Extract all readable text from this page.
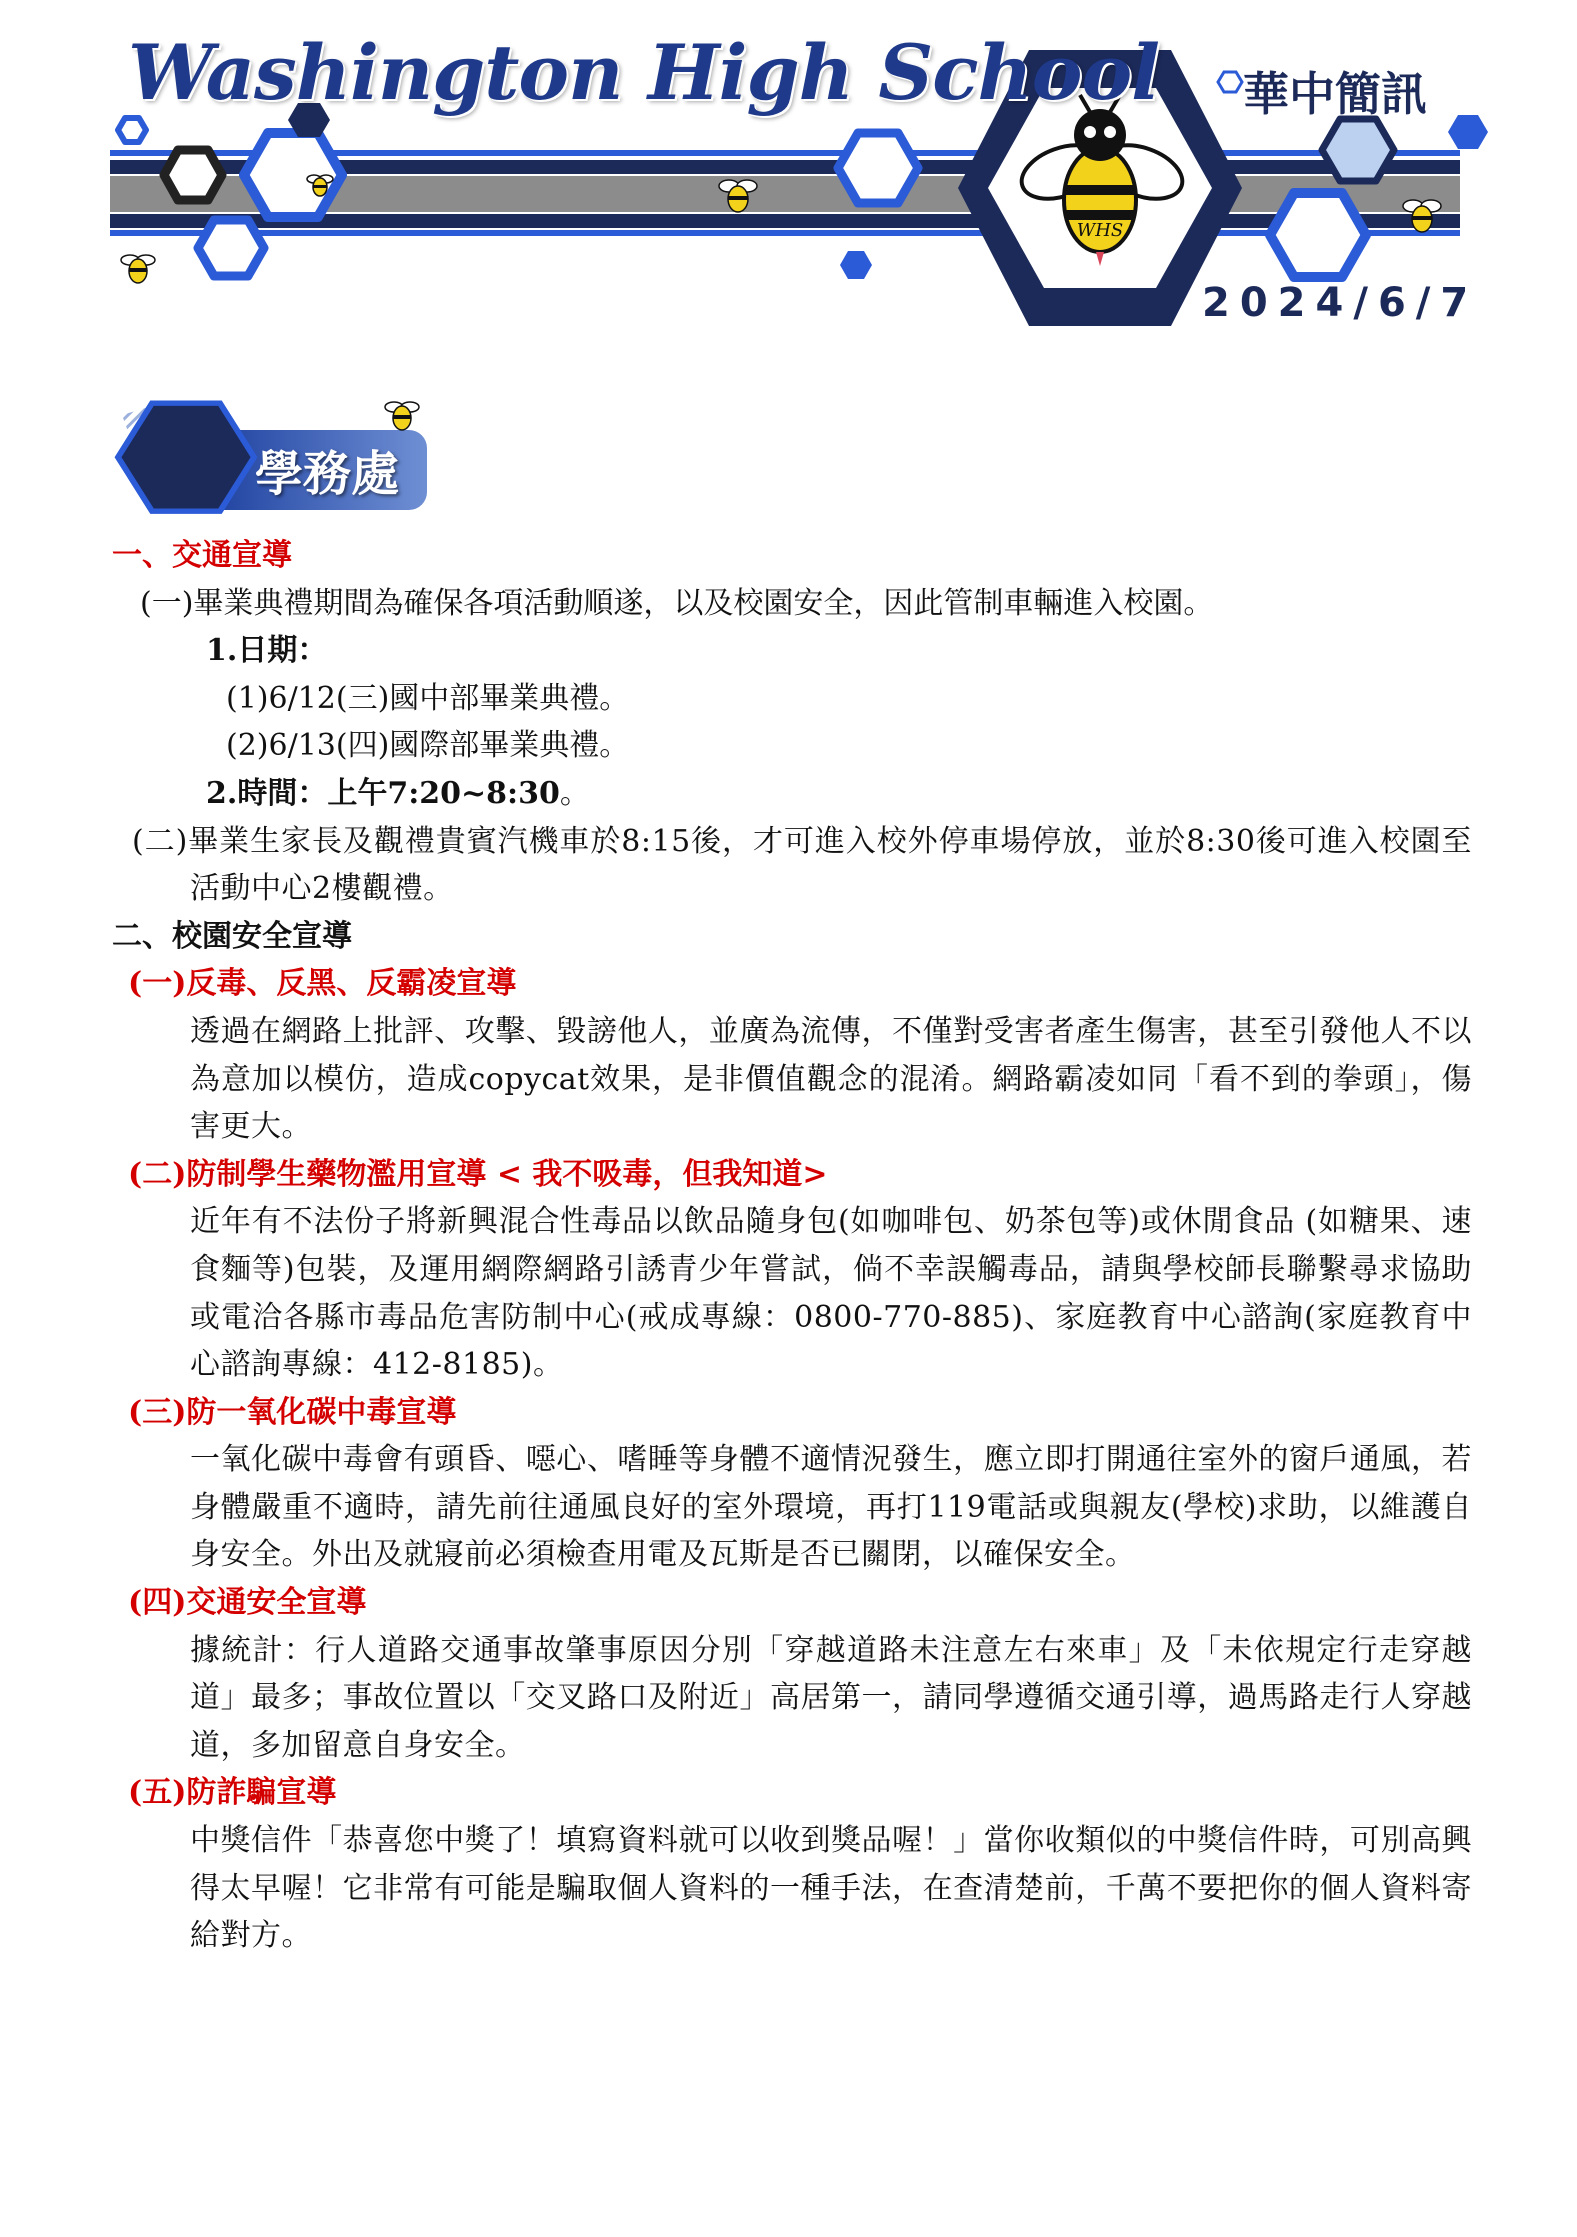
WHS
Washington High School 華中簡訊
2024/6/7
學務處

一、交通宣導

(一)畢業典禮期間為確保各項活動順遂，以及校園安全，因此管制車輛進入校園。

1.日期：

(1)6/12(三)國中部畢業典禮。

(2)6/13(四)國際部畢業典禮。

2.時間：上午7:20~8:30。

(二)畢業生家長及觀禮貴賓汽機車於8:15後，才可進入校外停車場停放，並於8:30後可進入校園至活動中心2樓觀禮。

二、校園安全宣導

(一)反毒、反黑、反霸凌宣導

透過在網路上批評、攻擊、毀謗他人，並廣為流傳，不僅對受害者產生傷害，甚至引發他人不以為意加以模仿，造成copycat效果，是非價值觀念的混淆。網路霸凌如同「看不到的拳頭」，傷害更大。

(二)防制學生藥物濫用宣導 < 我不吸毒，但我知道>

近年有不法份子將新興混合性毒品以飲品隨身包(如咖啡包、奶茶包等)或休閒食品 (如糖果、速食麵等)包裝，及運用網際網路引誘青少年嘗試，倘不幸誤觸毒品，請與學校師長聯繫尋求協助或電洽各縣市毒品危害防制中心(戒成專線：0800-770-885)、家庭教育中心諮詢(家庭教育中心諮詢專線：412-8185)。

(三)防一氧化碳中毒宣導

一氧化碳中毒會有頭昏、噁心、嗜睡等身體不適情況發生，應立即打開通往室外的窗戶通風，若身體嚴重不適時，請先前往通風良好的室外環境，再打119電話或與親友(學校)求助，以維護自身安全。外出及就寢前必須檢查用電及瓦斯是否已關閉，以確保安全。

(四)交通安全宣導

據統計：行人道路交通事故肇事原因分別「穿越道路未注意左右來車」及「未依規定行走穿越道」最多；事故位置以「交叉路口及附近」高居第一，請同學遵循交通引導，過馬路走行人穿越道，多加留意自身安全。

(五)防詐騙宣導

中獎信件「恭喜您中獎了！填寫資料就可以收到獎品喔！」當你收類似的中獎信件時，可別高興得太早喔！它非常有可能是騙取個人資料的一種手法，在查清楚前，千萬不要把你的個人資料寄給對方。
